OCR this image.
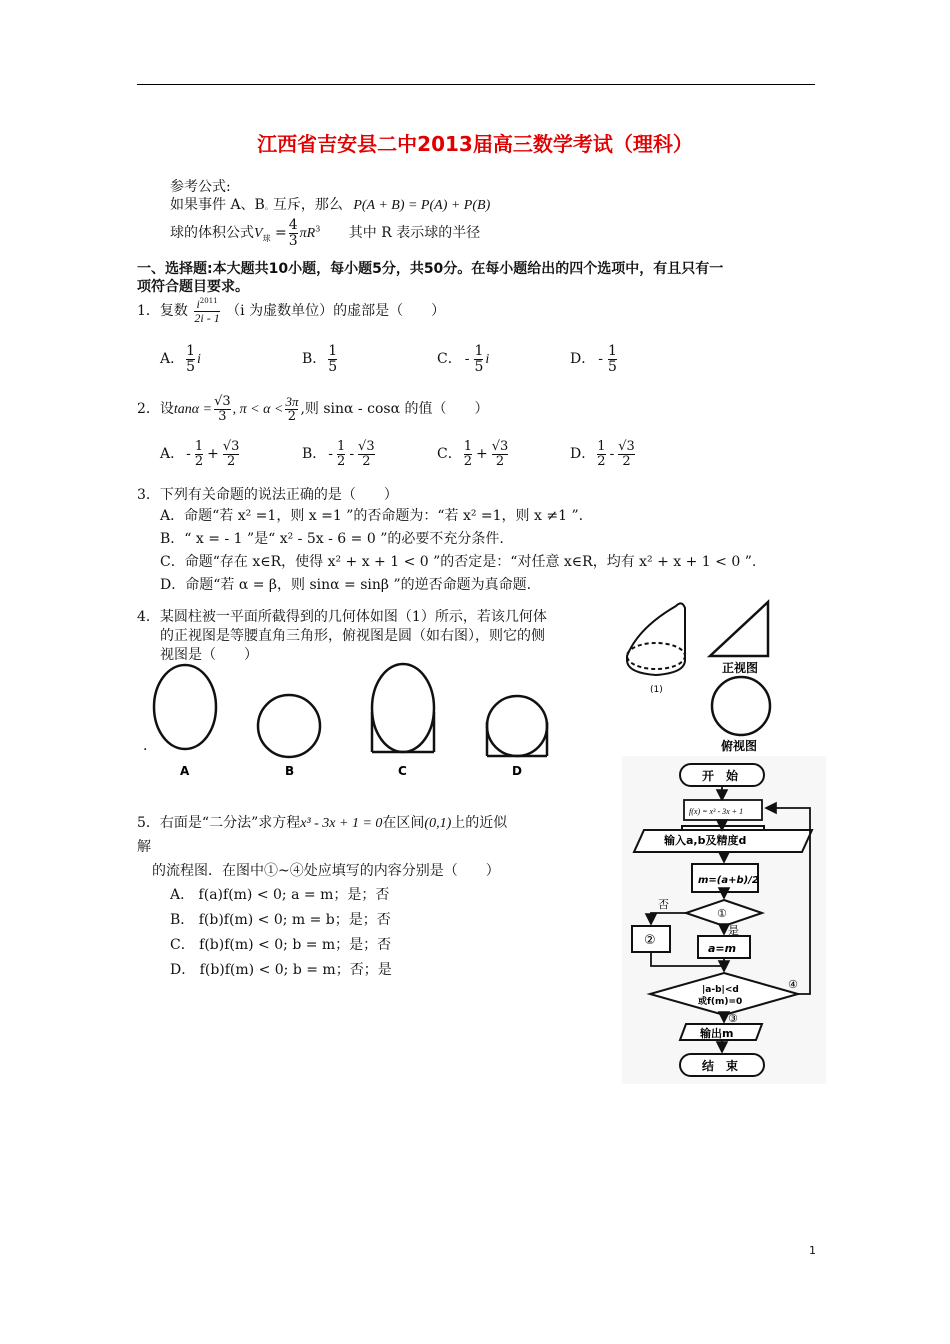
江西省吉安县二中2013届高三数学考试（理科）
参考公式:
如果事件 A、B。互斥，那么 P(A + B) = P(A) + P(B)
球的体积公式$V_球 = \frac{4}{3} \pi R^3$ 其中 R 表示球的半径
一、选择题:本大题共10小题，每小题5分，共50分。在每小题给出的四个选项中，有且只有一
项符合题目要求。
1．复数 $\frac{i^{2011}}{2i - 1} (i$ 为虚数单位）的虚部是（　　）
A． $\frac{1}{5}$ i	B． $\frac{1}{5}$	C． - $\frac{1}{5}$ i	D． - $\frac{1}{5}$
2．设$\tan\alpha = \frac{√3}{3}$ , $\pi < \alpha < \frac{3\pi}{2}$ ,则 sinα - cosα 的值（　　）
A． - $\frac{1}{2} + \frac{√3}{2}$	B． - $\frac{1}{2} - \frac{√3}{2}$	C． $\frac{1}{2} + \frac{√3}{2}$	D． $\frac{1}{2} - \frac{√3}{2}$
3．下列有关命题的说法正确的是（　　）
A．命题“若 x² =1，则 x =1 ”的否命题为：“若 x² =1，则 x ≠1 ”.
B．“ x = - 1 ”是“ x² - 5x - 6 = 0 ”的必要不充分条件.
C．命题“存在 x∈R，使得 x² + x + 1 < 0 ”的否定是：“对任意 x∈R，均有 x² + x + 1 < 0 ”.
D．命题“若 α = β，则 sinα = sinβ ”的逆否命题为真命题.
4．某圆柱被一平面所截得到的几何体如图（1）所示，若该几何体
的正视图是等腰直角三角形，俯视图是圆（如右图），则它的侧
视图是（　　）
(1)
正视图
俯视图
.
A	B	C	D
5．右面是“二分法”求方程x³ - 3x + 1 = 0在区间(0,1)上的近似
解
的流程图．在图中①~④处应填写的内容分别是（　　）
A． f(a)f(m) < 0; a = m；是；否
B． f(b)f(m) < 0; m = b；是；否
C． f(b)f(m) < 0; b = m；是；否
D． f(b)f(m) < 0; b = m；否；是
开　始
f(x) = x³ - 3x + 1
输入a,b及精度d
m=(a+b)/2
①
否
是
②
a=m
|a-b|<d
或f(m)=0
③
④
输出m
结　束
1
